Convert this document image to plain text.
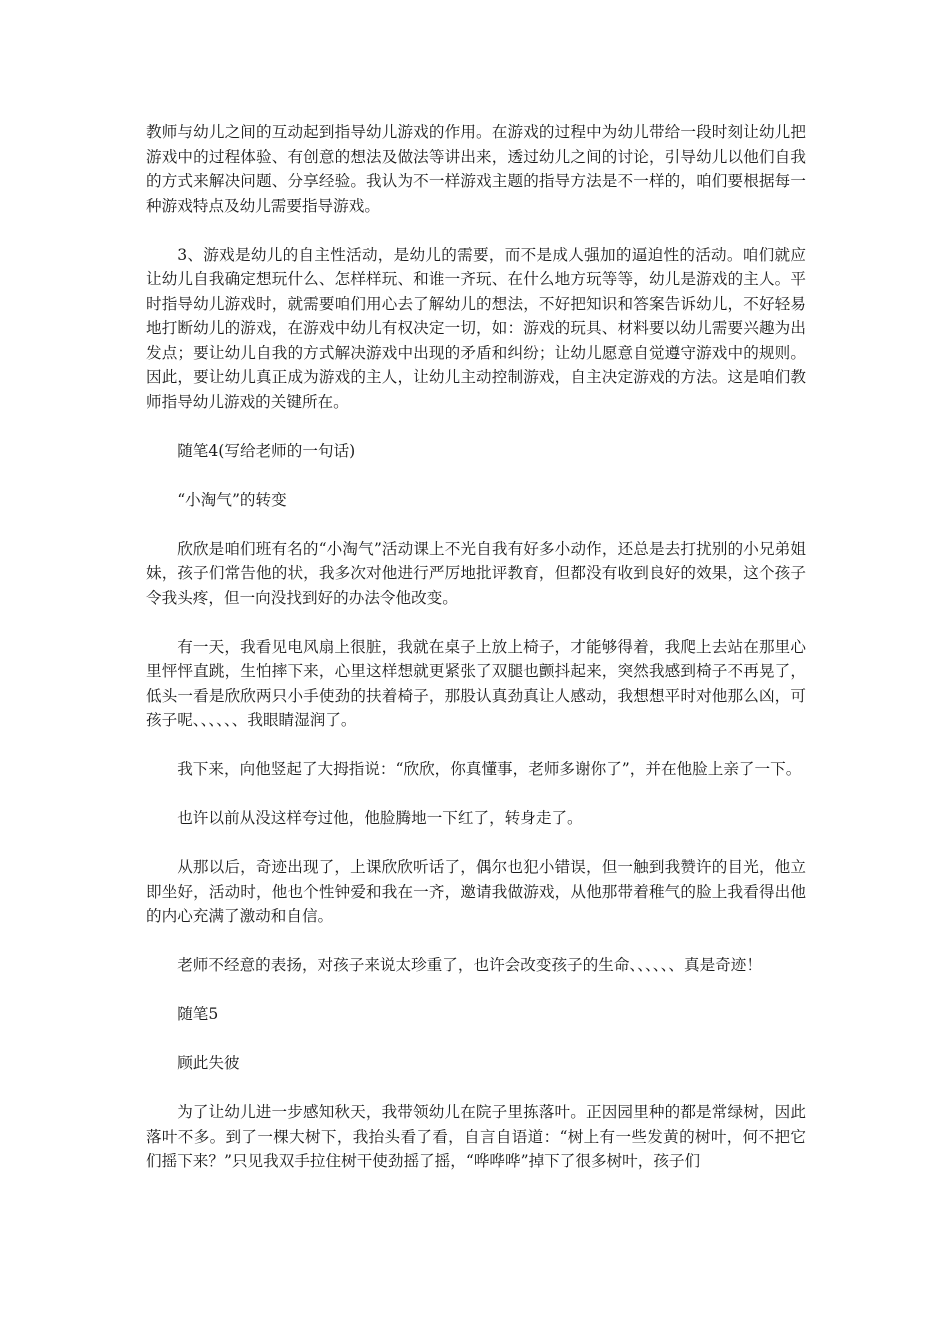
教师与幼儿之间的互动起到指导幼儿游戏的作用。在游戏的过程中为幼儿带给一段时刻让幼儿把游戏中的过程体验、有创意的想法及做法等讲出来，透过幼儿之间的讨论，引导幼儿以他们自我的方式来解决问题、分享经验。我认为不一样游戏主题的指导方法是不一样的，咱们要根据每一种游戏特点及幼儿需要指导游戏。

3、游戏是幼儿的自主性活动，是幼儿的需要，而不是成人强加的逼迫性的活动。咱们就应让幼儿自我确定想玩什么、怎样样玩、和谁一齐玩、在什么地方玩等等，幼儿是游戏的主人。平时指导幼儿游戏时，就需要咱们用心去了解幼儿的想法，不好把知识和答案告诉幼儿，不好轻易地打断幼儿的游戏，在游戏中幼儿有权决定一切，如：游戏的玩具、材料要以幼儿需要兴趣为出发点；要让幼儿自我的方式解决游戏中出现的矛盾和纠纷；让幼儿愿意自觉遵守游戏中的规则。因此，要让幼儿真正成为游戏的主人，让幼儿主动控制游戏，自主决定游戏的方法。这是咱们教师指导幼儿游戏的关键所在。

随笔4(写给老师的一句话)

“小淘气”的转变

欣欣是咱们班有名的“小淘气”活动课上不光自我有好多小动作，还总是去打扰别的小兄弟姐妹，孩子们常告他的状，我多次对他进行严厉地批评教育，但都没有收到良好的效果，这个孩子令我头疼，但一向没找到好的办法令他改变。

有一天，我看见电风扇上很脏，我就在桌子上放上椅子，才能够得着，我爬上去站在那里心里怦怦直跳，生怕摔下来，心里这样想就更紧张了双腿也颤抖起来，突然我感到椅子不再晃了，低头一看是欣欣两只小手使劲的扶着椅子，那股认真劲真让人感动，我想想平时对他那么凶，可孩子呢、、、、、、我眼睛湿润了。

我下来，向他竖起了大拇指说：“欣欣，你真懂事，老师多谢你了”，并在他脸上亲了一下。

也许以前从没这样夸过他，他脸腾地一下红了，转身走了。

从那以后，奇迹出现了，上课欣欣听话了，偶尔也犯小错误，但一触到我赞许的目光，他立即坐好，活动时，他也个性钟爱和我在一齐，邀请我做游戏，从他那带着稚气的脸上我看得出他的内心充满了激动和自信。

老师不经意的表扬，对孩子来说太珍重了，也许会改变孩子的生命、、、、、、真是奇迹！

随笔5

顾此失彼

为了让幼儿进一步感知秋天，我带领幼儿在院子里拣落叶。正因园里种的都是常绿树，因此落叶不多。到了一棵大树下，我抬头看了看，自言自语道：“树上有一些发黄的树叶，何不把它们摇下来？”只见我双手拉住树干使劲摇了摇，“哗哗哗”掉下了很多树叶，孩子们
